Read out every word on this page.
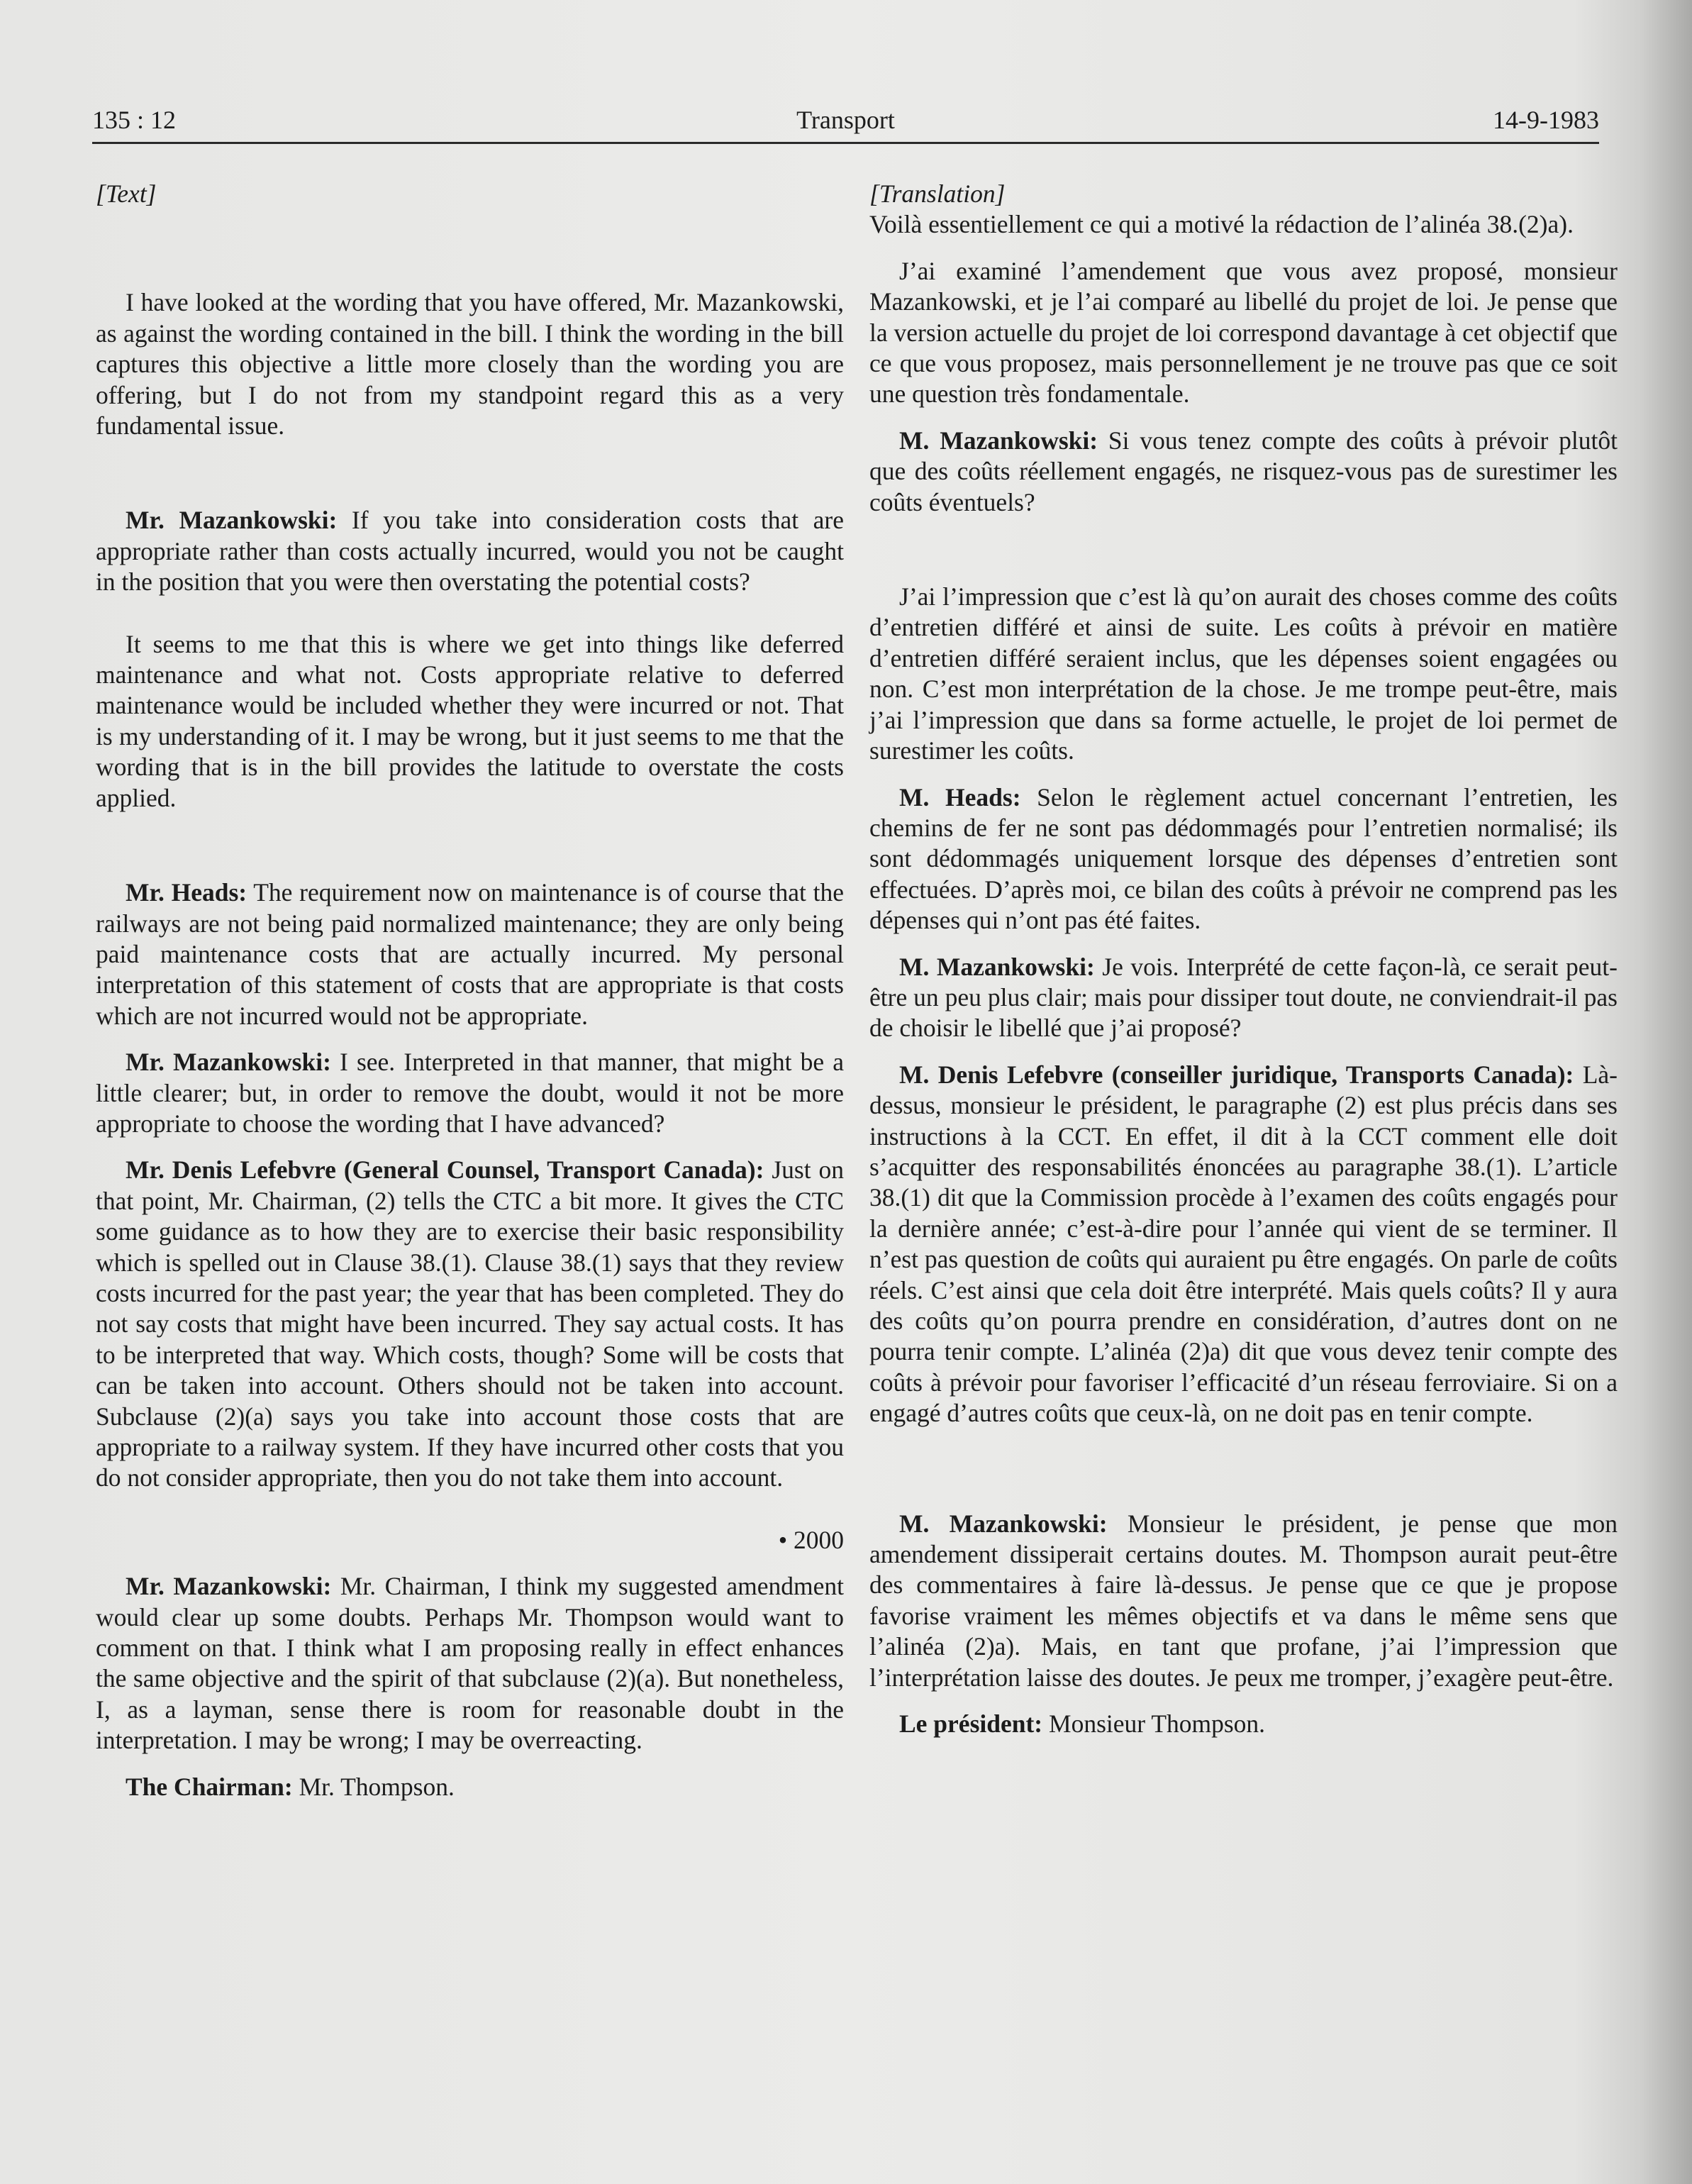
135 : 12	Transport	14-9-1983

[Text]

I have looked at the wording that you have offered, Mr. Mazankowski, as against the wording contained in the bill. I think the wording in the bill captures this objective a little more closely than the wording you are offering, but I do not from my standpoint regard this as a very fundamental issue.

Mr. Mazankowski: If you take into consideration costs that are appropriate rather than costs actually incurred, would you not be caught in the position that you were then overstating the potential costs?

It seems to me that this is where we get into things like deferred maintenance and what not. Costs appropriate relative to deferred maintenance would be included whether they were incurred or not. That is my understanding of it. I may be wrong, but it just seems to me that the wording that is in the bill provides the latitude to overstate the costs applied.

Mr. Heads: The requirement now on maintenance is of course that the railways are not being paid normalized maintenance; they are only being paid maintenance costs that are actually incurred. My personal interpretation of this statement of costs that are appropriate is that costs which are not incurred would not be appropriate.

Mr. Mazankowski: I see. Interpreted in that manner, that might be a little clearer; but, in order to remove the doubt, would it not be more appropriate to choose the wording that I have advanced?

Mr. Denis Lefebvre (General Counsel, Transport Canada): Just on that point, Mr. Chairman, (2) tells the CTC a bit more. It gives the CTC some guidance as to how they are to exercise their basic responsibility which is spelled out in Clause 38.(1). Clause 38.(1) says that they review costs incurred for the past year; the year that has been completed. They do not say costs that might have been incurred. They say actual costs. It has to be interpreted that way. Which costs, though? Some will be costs that can be taken into account. Others should not be taken into account. Subclause (2)(a) says you take into account those costs that are appropriate to a railway system. If they have incurred other costs that you do not consider appropriate, then you do not take them into account.

• 2000

Mr. Mazankowski: Mr. Chairman, I think my suggested amendment would clear up some doubts. Perhaps Mr. Thompson would want to comment on that. I think what I am proposing really in effect enhances the same objective and the spirit of that subclause (2)(a). But nonetheless, I, as a layman, sense there is room for reasonable doubt in the interpretation. I may be wrong; I may be overreacting.

The Chairman: Mr. Thompson.

[Translation]

Voilà essentiellement ce qui a motivé la rédaction de l’alinéa 38.(2)a).

J’ai examiné l’amendement que vous avez proposé, monsieur Mazankowski, et je l’ai comparé au libellé du projet de loi. Je pense que la version actuelle du projet de loi correspond davantage à cet objectif que ce que vous proposez, mais personnellement je ne trouve pas que ce soit une question très fondamentale.

M. Mazankowski: Si vous tenez compte des coûts à prévoir plutôt que des coûts réellement engagés, ne risquez-vous pas de surestimer les coûts éventuels?

J’ai l’impression que c’est là qu’on aurait des choses comme des coûts d’entretien différé et ainsi de suite. Les coûts à prévoir en matière d’entretien différé seraient inclus, que les dépenses soient engagées ou non. C’est mon interprétation de la chose. Je me trompe peut-être, mais j’ai l’impression que dans sa forme actuelle, le projet de loi permet de surestimer les coûts.

M. Heads: Selon le règlement actuel concernant l’entretien, les chemins de fer ne sont pas dédommagés pour l’entretien normalisé; ils sont dédommagés uniquement lorsque des dépenses d’entretien sont effectuées. D’après moi, ce bilan des coûts à prévoir ne comprend pas les dépenses qui n’ont pas été faites.

M. Mazankowski: Je vois. Interprété de cette façon-là, ce serait peut-être un peu plus clair; mais pour dissiper tout doute, ne conviendrait-il pas de choisir le libellé que j’ai proposé?

M. Denis Lefebvre (conseiller juridique, Transports Canada): Là-dessus, monsieur le président, le paragraphe (2) est plus précis dans ses instructions à la CCT. En effet, il dit à la CCT comment elle doit s’acquitter des responsabilités énoncées au paragraphe 38.(1). L’article 38.(1) dit que la Commission procède à l’examen des coûts engagés pour la dernière année; c’est-à-dire pour l’année qui vient de se terminer. Il n’est pas question de coûts qui auraient pu être engagés. On parle de coûts réels. C’est ainsi que cela doit être interprété. Mais quels coûts? Il y aura des coûts qu’on pourra prendre en considération, d’autres dont on ne pourra tenir compte. L’alinéa (2)a) dit que vous devez tenir compte des coûts à prévoir pour favoriser l’efficacité d’un réseau ferroviaire. Si on a engagé d’autres coûts que ceux-là, on ne doit pas en tenir compte.

M. Mazankowski: Monsieur le président, je pense que mon amendement dissiperait certains doutes. M. Thompson aurait peut-être des commentaires à faire là-dessus. Je pense que ce que je propose favorise vraiment les mêmes objectifs et va dans le même sens que l’alinéa (2)a). Mais, en tant que profane, j’ai l’impression que l’interprétation laisse des doutes. Je peux me tromper, j’exagère peut-être.

Le président: Monsieur Thompson.
